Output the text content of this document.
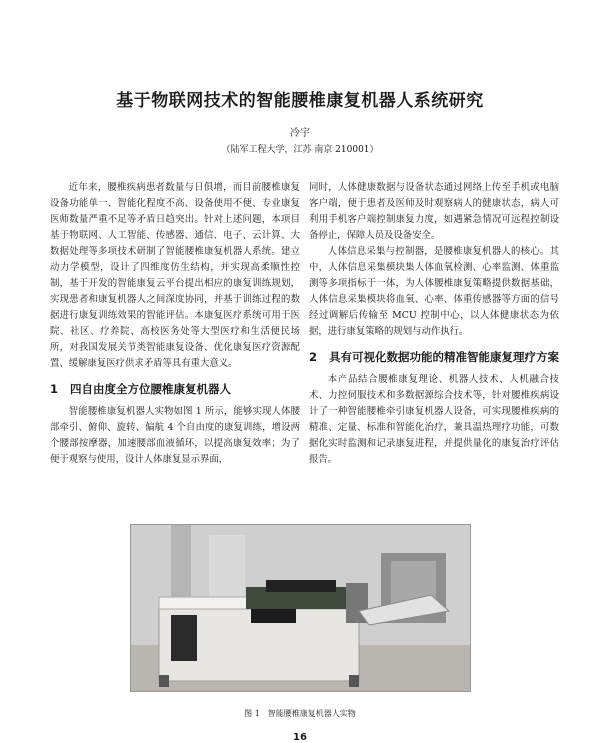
基于物联网技术的智能腰椎康复机器人系统研究
冷宇
（陆军工程大学，江苏 南京 210001）

近年来，腰椎疾病患者数量与日俱增，而目前腰椎康复设备功能单一、智能化程度不高、设备使用不便、专业康复医师数量严重不足等矛盾日趋突出。针对上述问题，本项目基于物联网、人工智能、传感器、通信、电子、云计算、大数据处理等多项技术研制了智能腰椎康复机器人系统。建立动力学模型，设计了四维度仿生结构，并实现高柔顺性控制，基于开发的智能康复云平台提出相应的康复训练规划，实现患者和康复机器人之间深度协同，并基于训练过程的数据进行康复训练效果的智能评估。本康复医疗系统可用于医院、社区、疗养院、高校医务处等大型医疗和生活便民场所，对我国发展关节类智能康复设备、优化康复医疗资源配置、缓解康复医疗供求矛盾等具有重大意义。

1	四自由度全方位腰椎康复机器人

智能腰椎康复机器人实物如图 1 所示，能够实现人体腰部牵引、俯仰、旋转、偏航 4 个自由度的康复训练，增设两个腰部按摩器，加速腰部血液循环，以提高康复效率；为了便于观察与使用，设计人体康复显示界面，

同时，人体健康数据与设备状态通过网络上传至手机或电脑客户端，便于患者及医师及时观察病人的健康状态，病人可利用手机客户端控制康复力度，如遇紧急情况可远程控制设备停止，保障人员及设备安全。

人体信息采集与控制器，是腰椎康复机器人的核心。其中，人体信息采集模块集人体血氧检测、心率监测、体重监测等多项指标于一体，为人体腰椎康复策略提供数据基础，人体信息采集模块将血氧、心率、体重传感器等方面的信号经过调解后传输至 MCU 控制中心，以人体健康状态为依据，进行康复策略的规划与动作执行。

2	具有可视化数据功能的精准智能康复理疗方案

本产品结合腰椎康复理论、机器人技术、人机融合技术、力控伺服技术和多数据源综合技术等，针对腰椎疾病设计了一种智能腰椎牵引康复机器人设备，可实现腰椎疾病的精准、定量、标准和智能化治疗，兼具温热理疗功能，可数据化实时监测和记录康复进程，并提供量化的康复治疗评估报告。

图 1　智能腰椎康复机器人实物
16
